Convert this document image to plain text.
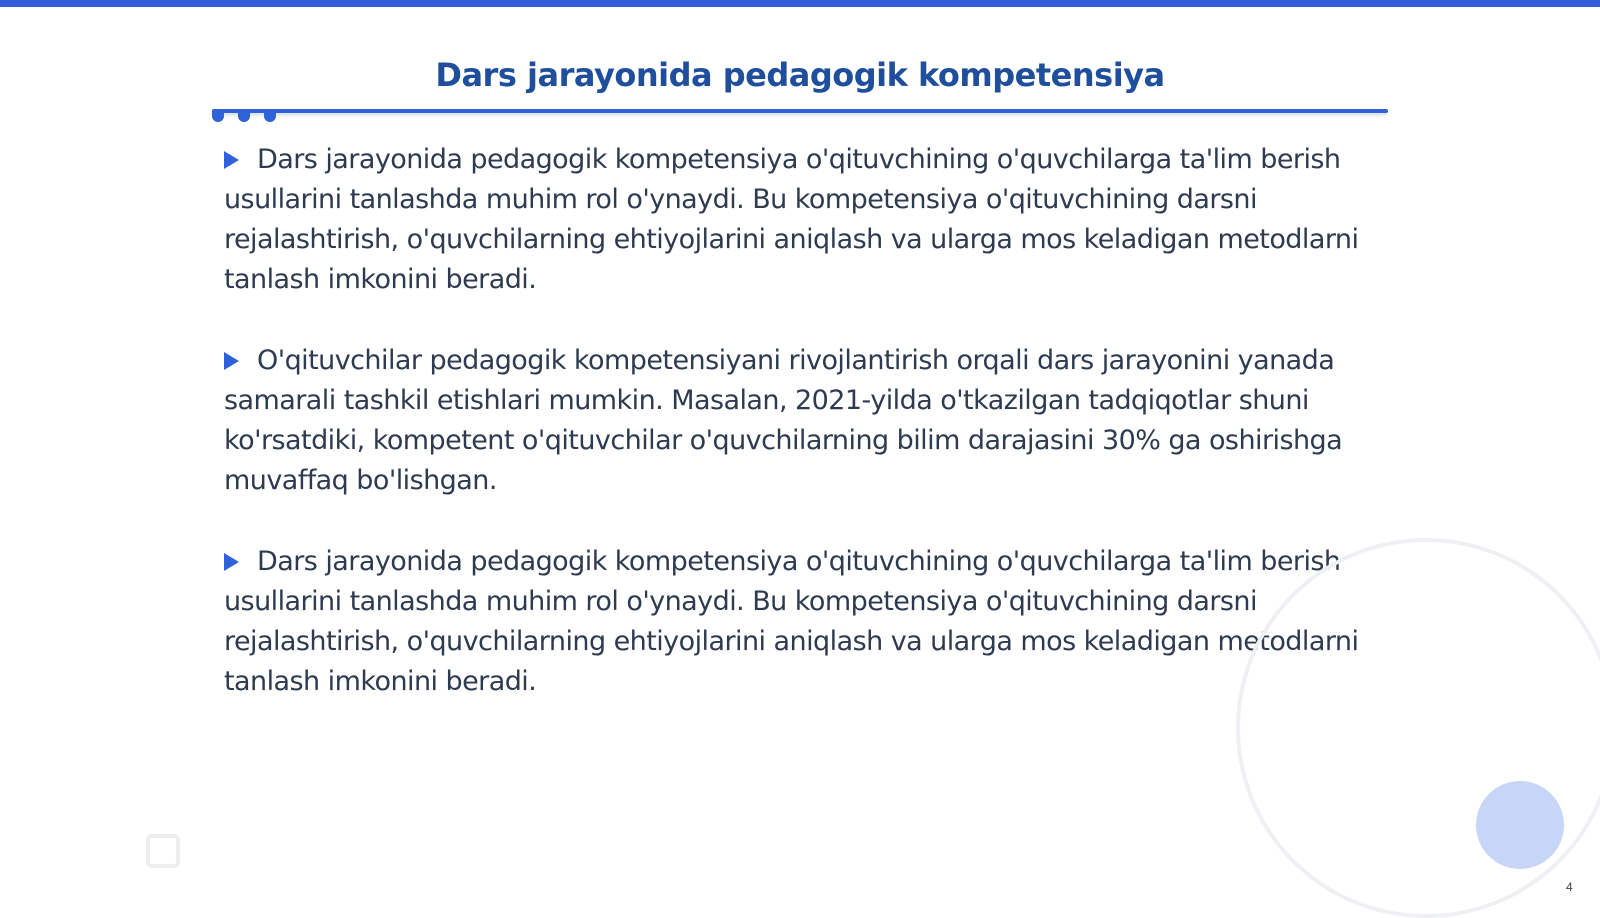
Dars jarayonida pedagogik kompetensiya

Dars jarayonida pedagogik kompetensiya o'qituvchining o'quvchilarga ta'lim berish usullarini tanlashda muhim rol o'ynaydi. Bu kompetensiya o'qituvchining darsni rejalashtirish, o'quvchilarning ehtiyojlarini aniqlash va ularga mos keladigan metodlarni tanlash imkonini beradi.

O'qituvchilar pedagogik kompetensiyani rivojlantirish orqali dars jarayonini yanada samarali tashkil etishlari mumkin. Masalan, 2021-yilda o'tkazilgan tadqiqotlar shuni ko'rsatdiki, kompetent o'qituvchilar o'quvchilarning bilim darajasini 30% ga oshirishga muvaffaq bo'lishgan.

Dars jarayonida pedagogik kompetensiya o'qituvchining o'quvchilarga ta'lim berish usullarini tanlashda muhim rol o'ynaydi. Bu kompetensiya o'qituvchining darsni rejalashtirish, o'quvchilarning ehtiyojlarini aniqlash va ularga mos keladigan metodlarni tanlash imkonini beradi.

4
